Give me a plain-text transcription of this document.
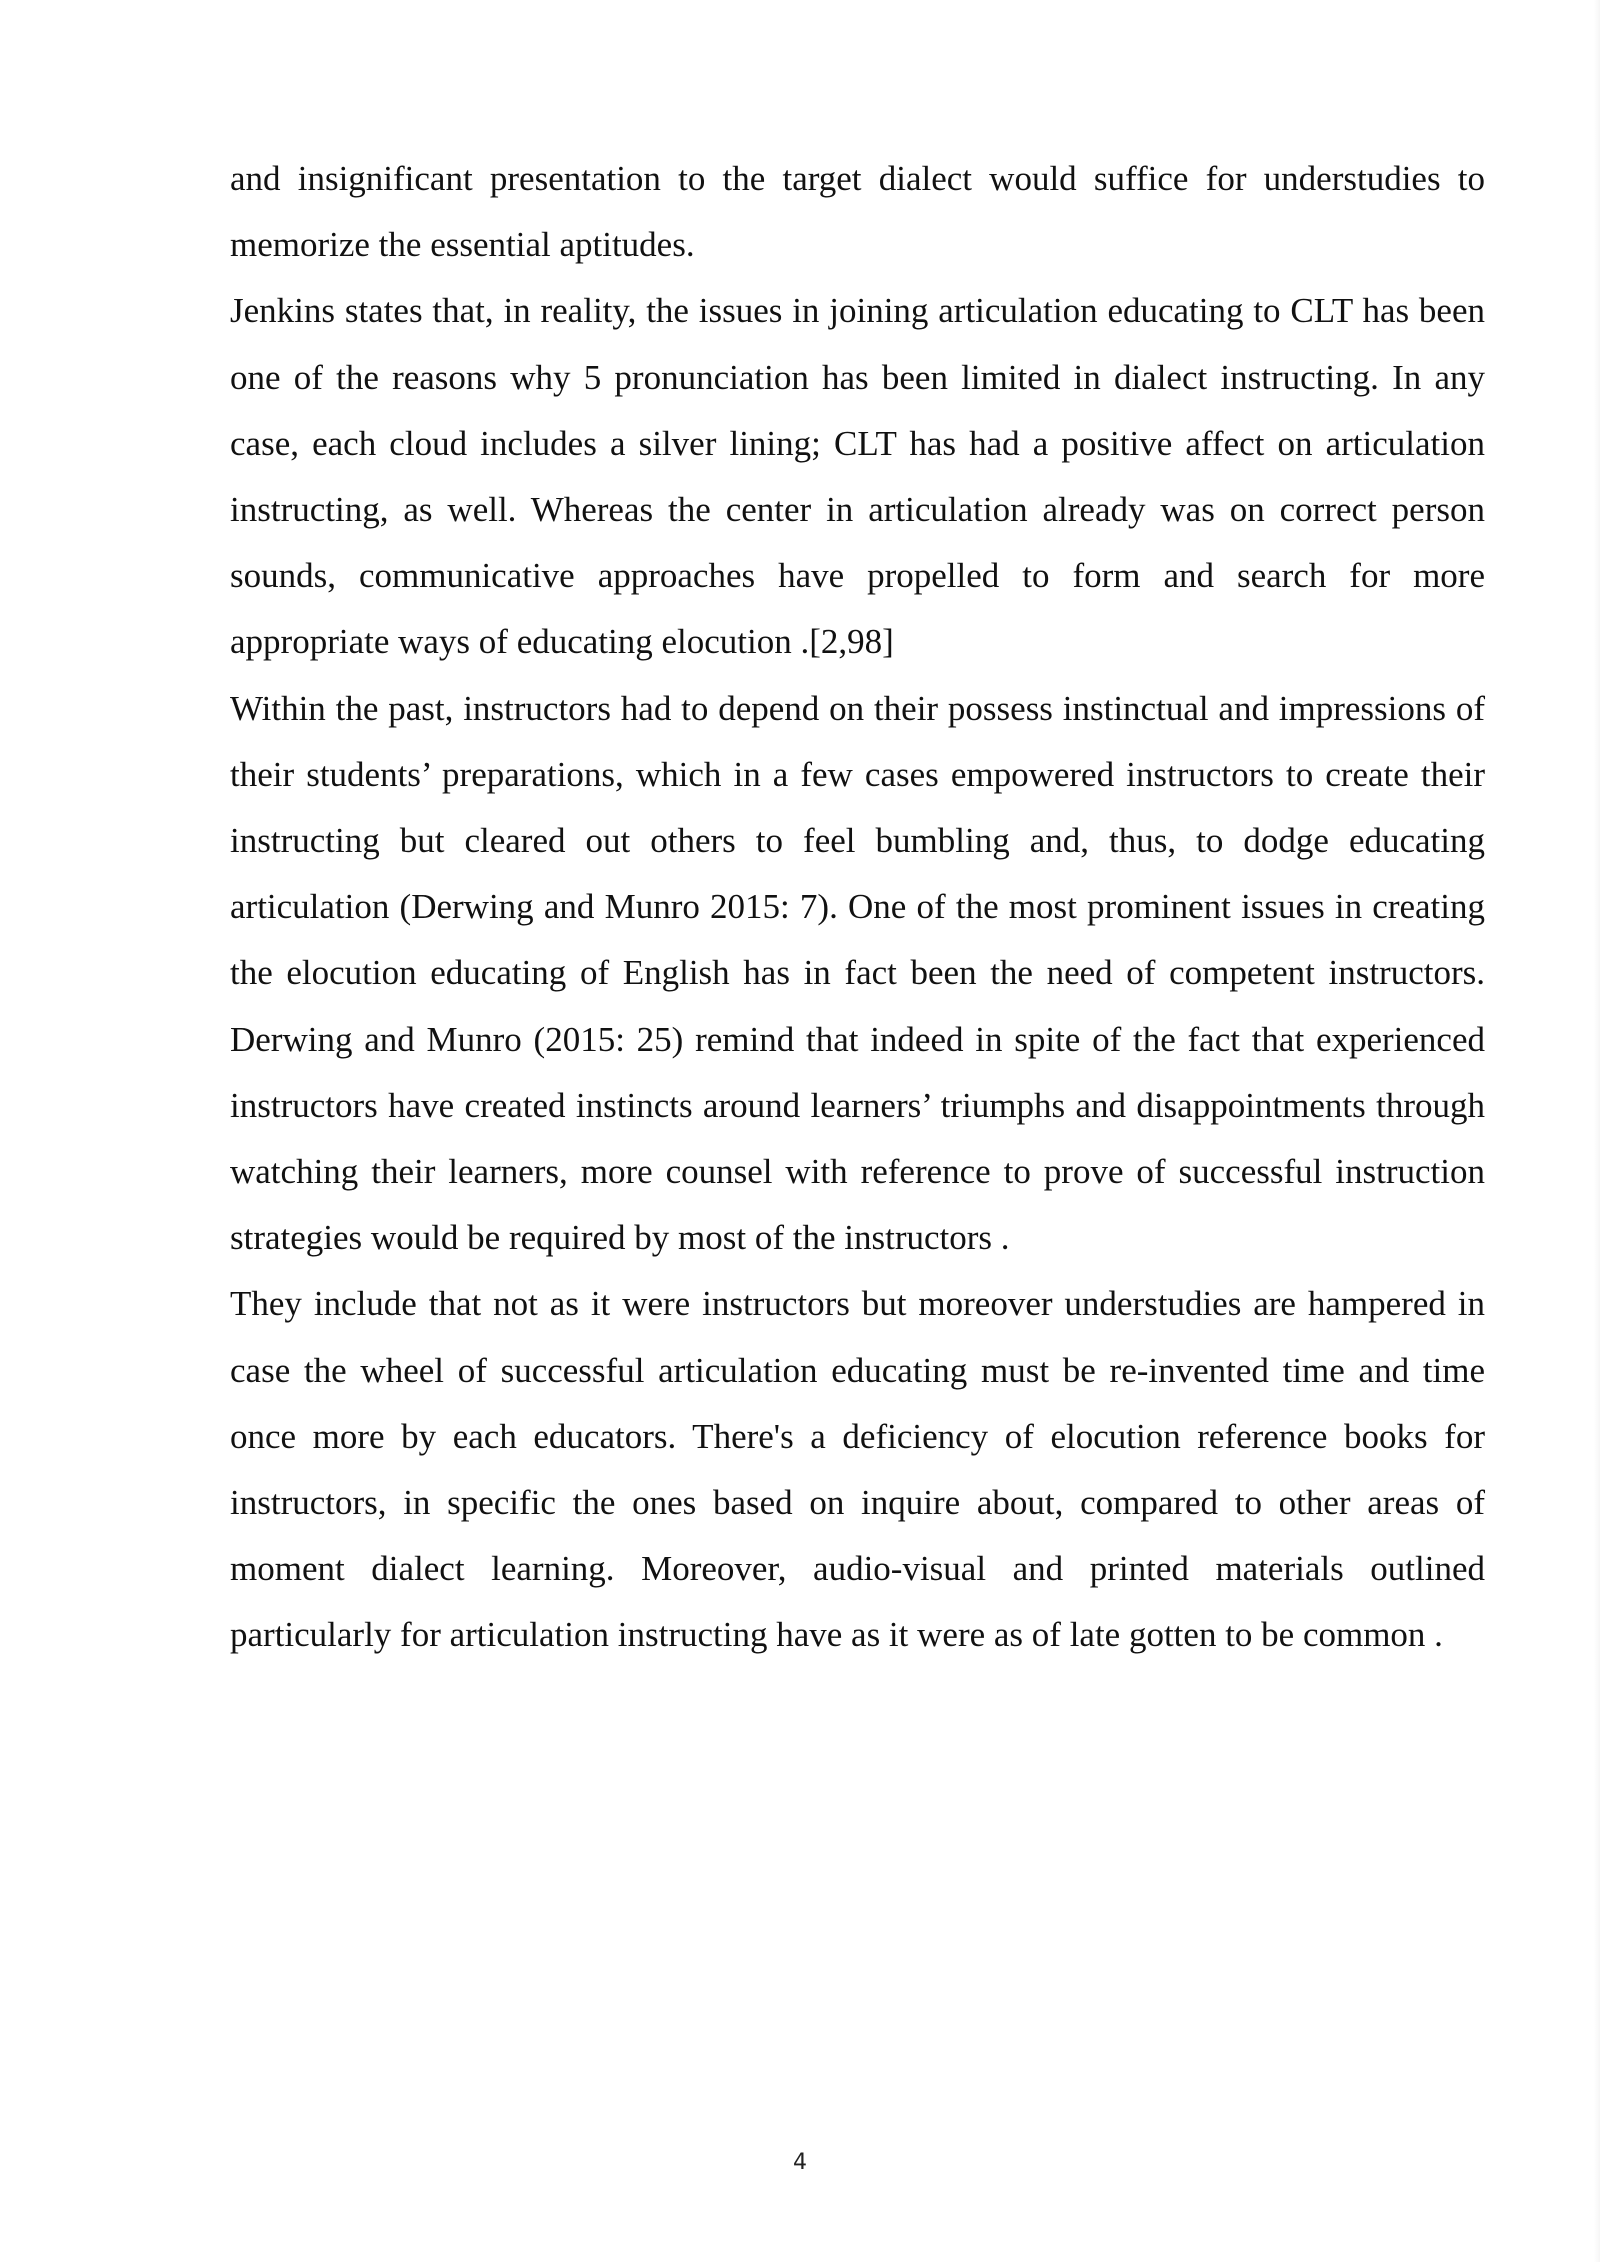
and insignificant presentation to the target dialect would suffice for understudies to memorize the essential aptitudes.

Jenkins states that, in reality, the issues in joining articulation educating to CLT has been one of the reasons why 5 pronunciation has been limited in dialect instructing. In any case, each cloud includes a silver lining; CLT has had a positive affect on articulation instructing, as well. Whereas the center in articulation already was on correct person sounds, communicative approaches have propelled to form and search for more appropriate ways of educating elocution .[2,98]

Within the past, instructors had to depend on their possess instinctual and impressions of their students’ preparations, which in a few cases empowered instructors to create their instructing but cleared out others to feel bumbling and, thus, to dodge educating articulation (Derwing and Munro 2015: 7). One of the most prominent issues in creating the elocution educating of English has in fact been the need of competent instructors. Derwing and Munro (2015: 25) remind that indeed in spite of the fact that experienced instructors have created instincts around learners’ triumphs and disappointments through watching their learners, more counsel with reference to prove of successful instruction strategies would be required by most of the instructors .

They include that not as it were instructors but moreover understudies are hampered in case the wheel of successful articulation educating must be re-invented time and time once more by each educators. There's a deficiency of elocution reference books for instructors, in specific the ones based on inquire about, compared to other areas of moment dialect learning. Moreover, audio-visual and printed materials outlined particularly for articulation instructing have as it were as of late gotten to be common .

4
